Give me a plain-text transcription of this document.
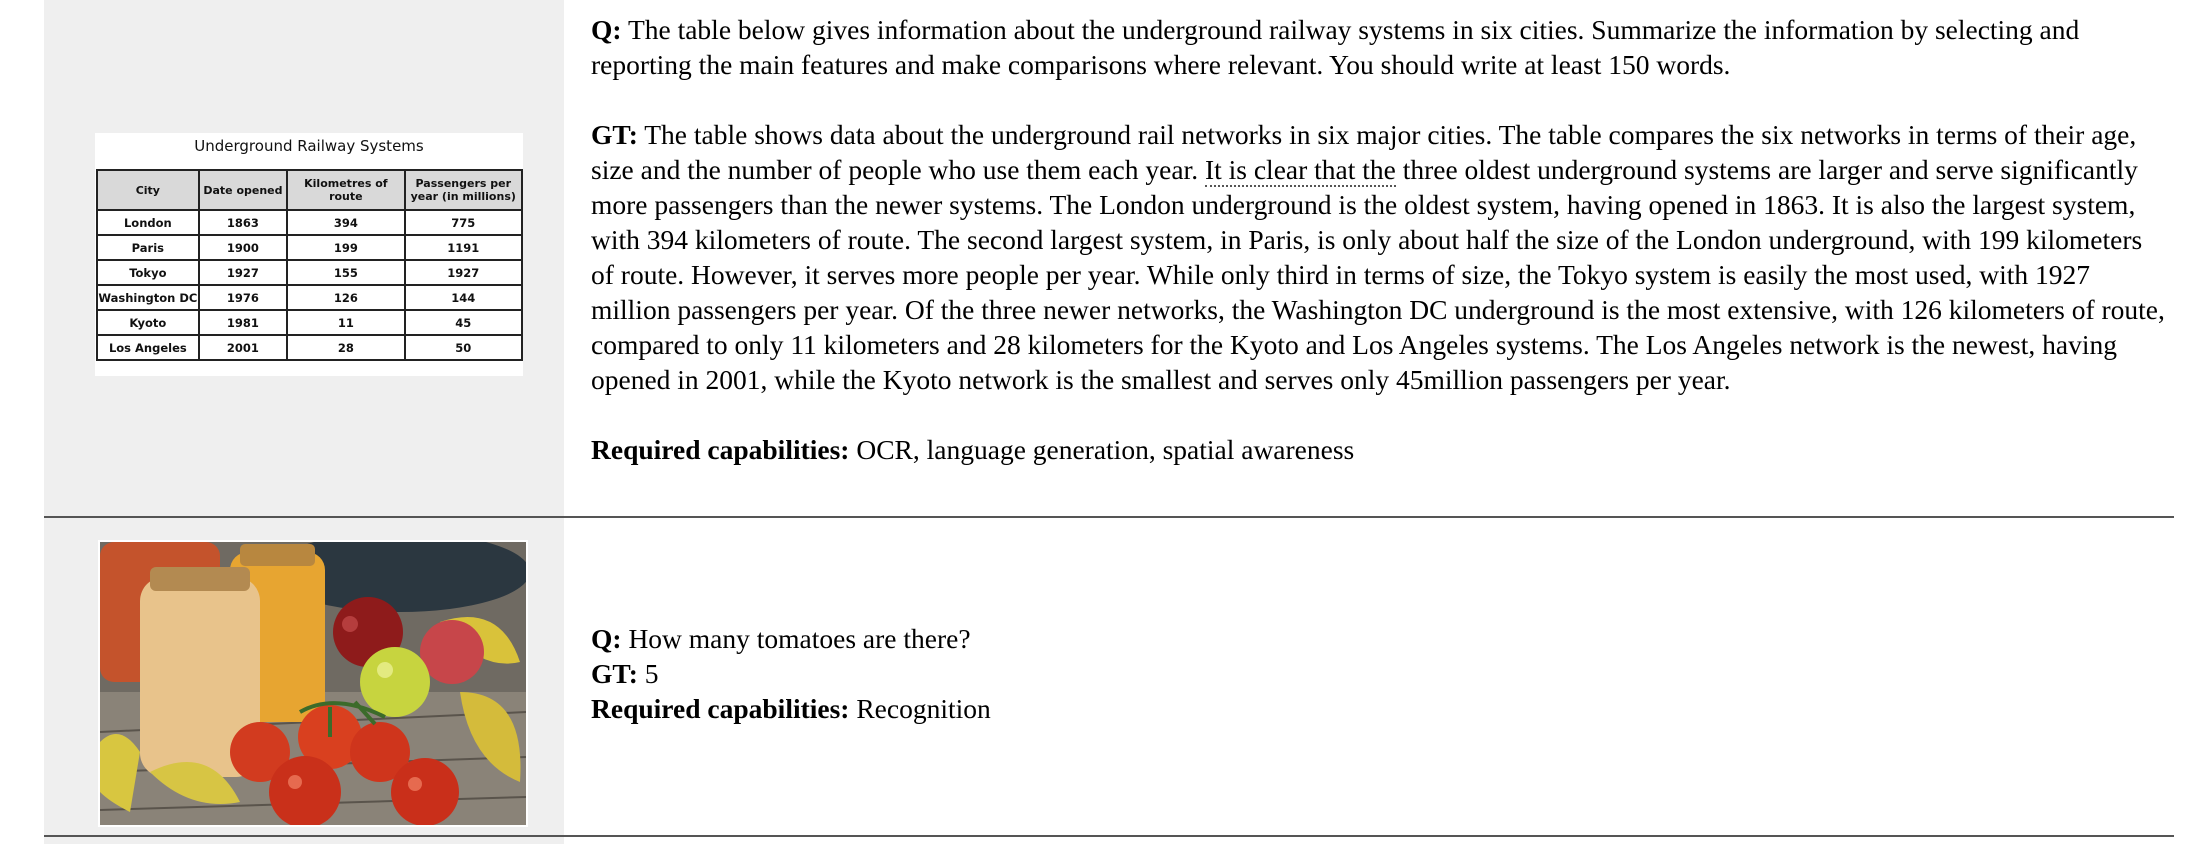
Underground Railway Systems
City	Date opened	Kilometres of route	Passengers per year (in millions)
London	1863	394	775
Paris	1900	199	1191
Tokyo	1927	155	1927
Washington DC	1976	126	144
Kyoto	1981	11	45
Los Angeles	2001	28	50

Q: The table below gives information about the underground railway systems in six cities. Summarize the information by selecting and reporting the main features and make comparisons where relevant. You should write at least 150 words.

GT: The table shows data about the underground rail networks in six major cities. The table compares the six networks in terms of their age, size and the number of people who use them each year. It is clear that the three oldest underground systems are larger and serve significantly more passengers than the newer systems. The London underground is the oldest system, having opened in 1863. It is also the largest system, with 394 kilometers of route. The second largest system, in Paris, is only about half the size of the London underground, with 199 kilometers of route. However, it serves more people per year. While only third in terms of size, the Tokyo system is easily the most used, with 1927 million passengers per year. Of the three newer networks, the Washington DC underground is the most extensive, with 126 kilometers of route, compared to only 11 kilometers and 28 kilometers for the Kyoto and Los Angeles systems. The Los Angeles network is the newest, having opened in 2001, while the Kyoto network is the smallest and serves only 45million passengers per year.

Required capabilities: OCR, language generation, spatial awareness

Q: How many tomatoes are there?

GT: 5

Required capabilities: Recognition
